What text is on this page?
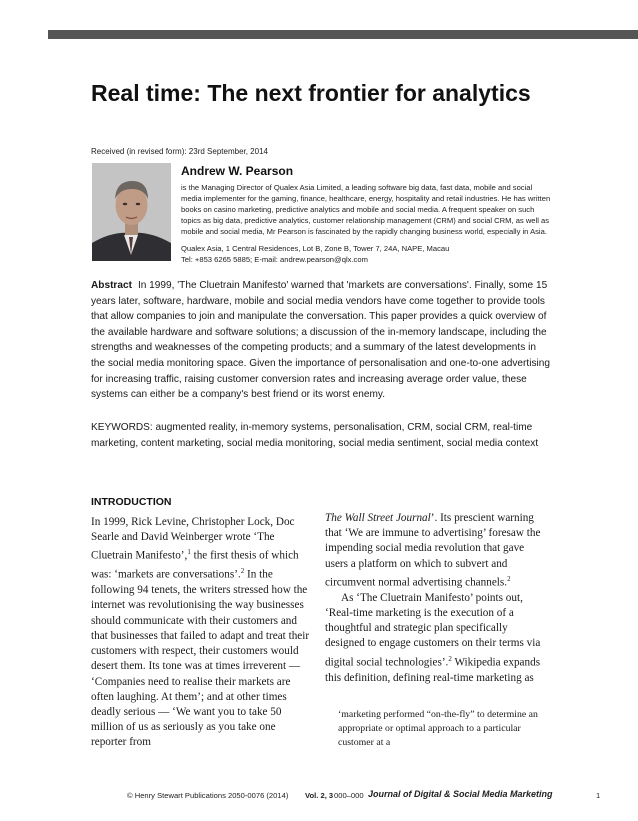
Real time: The next frontier for analytics
Received (in revised form): 23rd September, 2014
Andrew W. Pearson

is the Managing Director of Qualex Asia Limited, a leading software big data, fast data, mobile and social media implementer for the gaming, finance, healthcare, energy, hospitality and retail industries. He has written books on casino marketing, predictive analytics and mobile and social media. A frequent speaker on such topics as big data, predictive analytics, customer relationship management (CRM) and social CRM, as well as mobile and social media, Mr Pearson is fascinated by the rapidly changing business world, especially in Asia.

Qualex Asia, 1 Central Residences, Lot B, Zone B, Tower 7, 24A, NAPE, Macau
Tel: +853 6265 5885; E-mail: andrew.pearson@qlx.com

Abstract In 1999, 'The Cluetrain Manifesto' warned that 'markets are conversations'. Finally, some 15 years later, software, hardware, mobile and social media vendors have come together to provide tools that allow companies to join and manipulate the conversation. This paper provides a quick overview of the available hardware and software solutions; a discussion of the in-memory landscape, including the strengths and weaknesses of the competing products; and a summary of the latest developments in the social media monitoring space. Given the importance of personalisation and one-to-one advertising for increasing traffic, raising customer conversion rates and increasing average order value, these systems can either be a company's best friend or its worst enemy.

KEYWORDS: augmented reality, in-memory systems, personalisation, CRM, social CRM, real-time marketing, content marketing, social media monitoring, social media sentiment, social media context

INTRODUCTION

In 1999, Rick Levine, Christopher Lock, Doc Searle and David Weinberger wrote ‘The Cluetrain Manifesto’,$^1$ the first thesis of which was: ‘markets are conversations’.$^2$ In the following 94 tenets, the writers stressed how the internet was revolutionising the way businesses should communicate with their customers and that businesses that failed to adapt and treat their customers with respect, their customers would desert them. Its tone was at times irreverent — ‘Companies need to realise their markets are often laughing. At them’; and at other times deadly serious — ‘We want you to take 50 million of us as seriously as you take one reporter from

The Wall Street Journal’. Its prescient warning that ‘We are immune to advertising’ foresaw the impending social media revolution that gave users a platform on which to subvert and circumvent normal advertising channels.$^2$

As ‘The Cluetrain Manifesto’ points out, ‘Real-time marketing is the execution of a thoughtful and strategic plan specifically designed to engage customers on their terms via digital social technologies’.$^2$ Wikipedia expands this definition, defining real-time marketing as

‘marketing performed “on-the-fly” to determine an appropriate or optimal approach to a particular customer at a

© Henry Stewart Publications 2050-0076 (2014) Vol. 2, 3 000–000 Journal of Digital & Social Media Marketing	1
